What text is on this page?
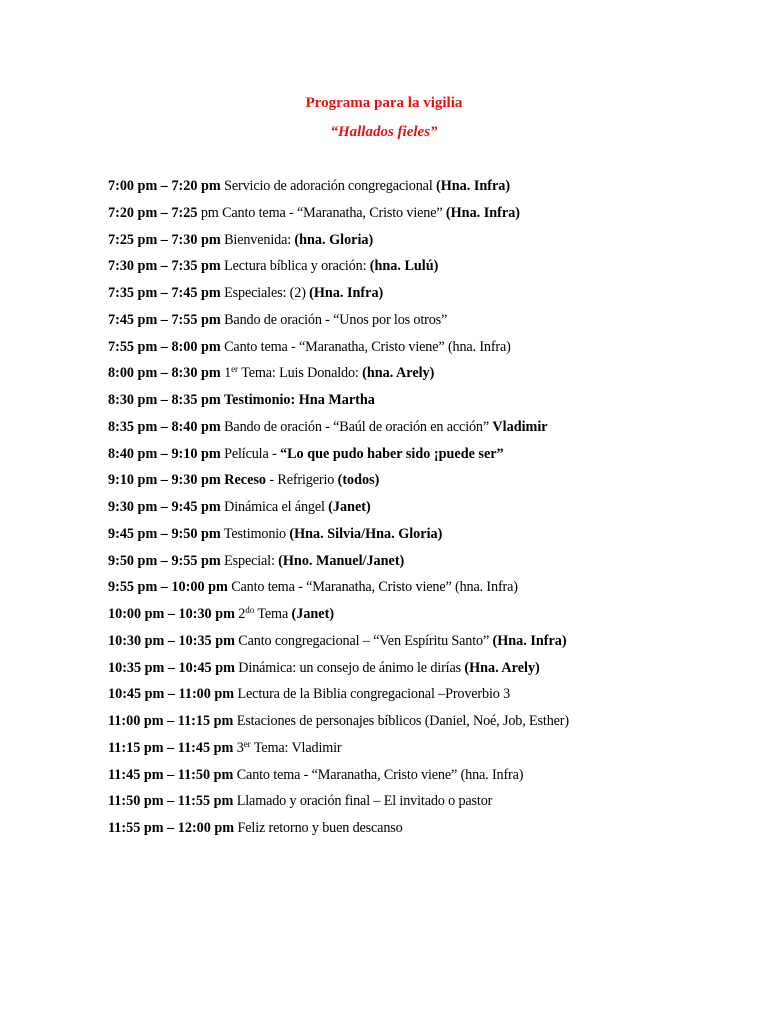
Programa para la vigilia
“Hallados fieles”
7:00 pm – 7:20 pm Servicio de adoración congregacional (Hna. Infra)
7:20 pm – 7:25 pm Canto tema - “Maranatha, Cristo viene” (Hna. Infra)
7:25 pm – 7:30 pm Bienvenida: (hna. Gloria)
7:30 pm – 7:35 pm Lectura bíblica y oración: (hna. Lulú)
7:35 pm – 7:45 pm Especiales: (2) (Hna. Infra)
7:45 pm – 7:55 pm Bando de oración - “Unos por los otros”
7:55 pm – 8:00 pm Canto tema - “Maranatha, Cristo viene” (hna. Infra)
8:00 pm – 8:30 pm 1er Tema: Luis Donaldo: (hna. Arely)
8:30 pm – 8:35 pm Testimonio: Hna Martha
8:35 pm – 8:40 pm Bando de oración - “Baúl de oración en acción” Vladimir
8:40 pm – 9:10 pm Película - “Lo que pudo haber sido ¡puede ser”
9:10 pm – 9:30 pm Receso - Refrigerio (todos)
9:30 pm – 9:45 pm Dinámica el ángel (Janet)
9:45 pm – 9:50 pm Testimonio (Hna. Silvia/Hna. Gloria)
9:50 pm – 9:55 pm Especial: (Hno. Manuel/Janet)
9:55 pm – 10:00 pm Canto tema - “Maranatha, Cristo viene” (hna. Infra)
10:00 pm – 10:30 pm $2^{do}$ Tema (Janet)
10:30 pm – 10:35 pm Canto congregacional – “Ven Espíritu Santo” (Hna. Infra)
10:35 pm – 10:45 pm Dinámica: un consejo de ánimo le dirías (Hna. Arely)
10:45 pm – 11:00 pm Lectura de la Biblia congregacional –Proverbio 3
11:00 pm – 11:15 pm Estaciones de personajes bíblicos (Daniel, Noé, Job, Esther)
11:15 pm – 11:45 pm 3er Tema: Vladimir
11:45 pm – 11:50 pm Canto tema - “Maranatha, Cristo viene” (hna. Infra)
11:50 pm – 11:55 pm Llamado y oración final – El invitado o pastor
11:55 pm – 12:00 pm Feliz retorno y buen descanso
